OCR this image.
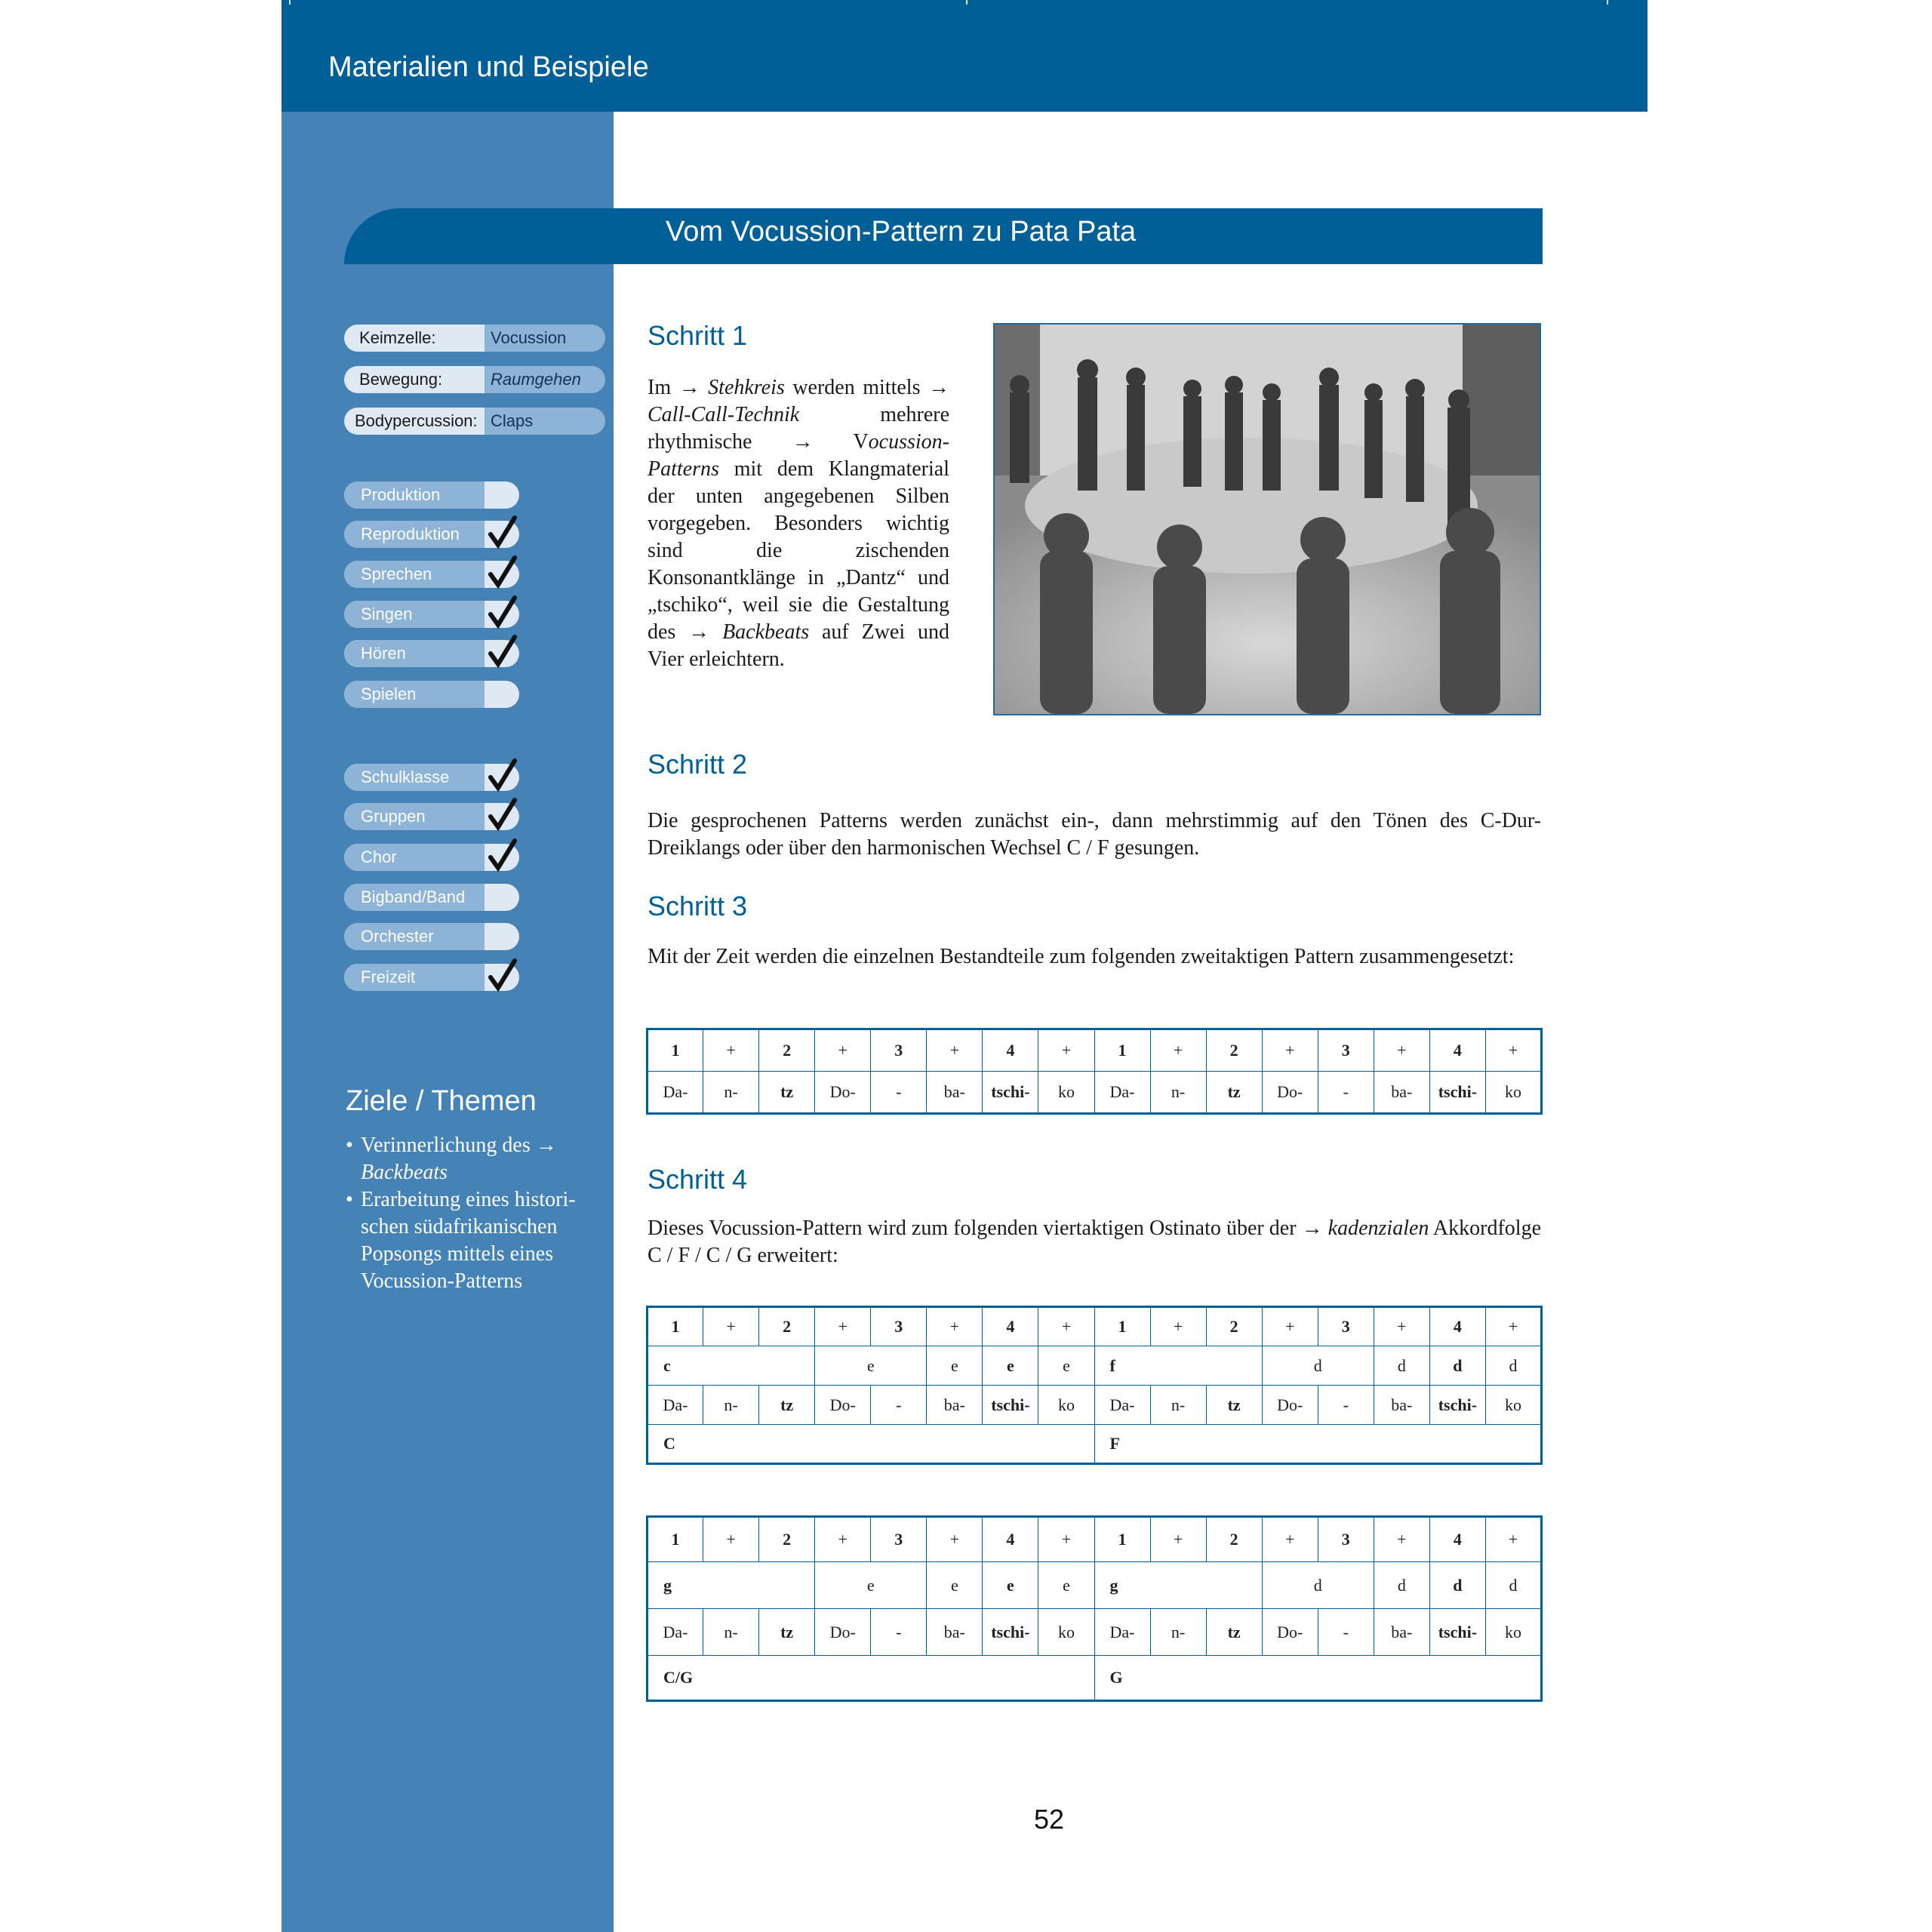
Materialien und Beispiele
Vom Vocussion-Pattern zu Pata Pata
Keimzelle:	Vocussion
Bewegung:	Raumgehen
Bodypercussion: Claps
Produktion
Reproduktion
Sprechen
Singen
Hören
Spielen
Schulklasse
Gruppen
Chor
Bigband/Band
Orchester
Freizeit
Ziele / Themen
• Verinnerlichung des →
Backbeats
• Erarbeitung eines histori-schen südafrikanischen Popsongs mittels eines Vocussion-Patterns
Schritt 1
Im → Stehkreis werden mittels → Call-Call-Technik mehrere rhythmische → Vocussion-Patterns mit dem Klangmaterial der unten angegebenen Silben vorgegeben. Besonders wichtig sind die zischenden Konsonantklänge in „Dantz“ und „tschiko“, weil sie die Gestaltung des → Backbeats auf Zwei und Vier erleichtern.
Schritt 2
Die gesprochenen Patterns werden zunächst ein-, dann mehrstimmig auf den Tönen des C-Dur-Dreiklangs oder über den harmonischen Wechsel C / F gesungen.
Schritt 3
Mit der Zeit werden die einzelnen Bestandteile zum folgenden zweitaktigen Pattern zusammengesetzt:
1	+	2	+	3	+	4	+	1	+	2	+	3	+	4	+
Da-	n-	tz	Do-	-	ba-	tschi-	ko	Da-	n-	tz	Do-	-	ba-	tschi-	ko
Schritt 4
Dieses Vocussion-Pattern wird zum folgenden viertaktigen Ostinato über der → kadenzialen Akkordfolge C / F / C / G erweitert:
1	+	2	+	3	+	4	+	1	+	2	+	3	+	4	+
c			e		e	e	e	f			d		d	d	d
Da-	n-	tz	Do-	-	ba-	tschi-	ko	Da-	n-	tz	Do-	-	ba-	tschi-	ko
C								F							
1	+	2	+	3	+	4	+	1	+	2	+	3	+	4	+
g			e		e	e	e	g			d		d	d	d
Da-	n-	tz	Do-	-	ba-	tschi-	ko	Da-	n-	tz	Do-	-	ba-	tschi-	ko
C/G								G							
52
